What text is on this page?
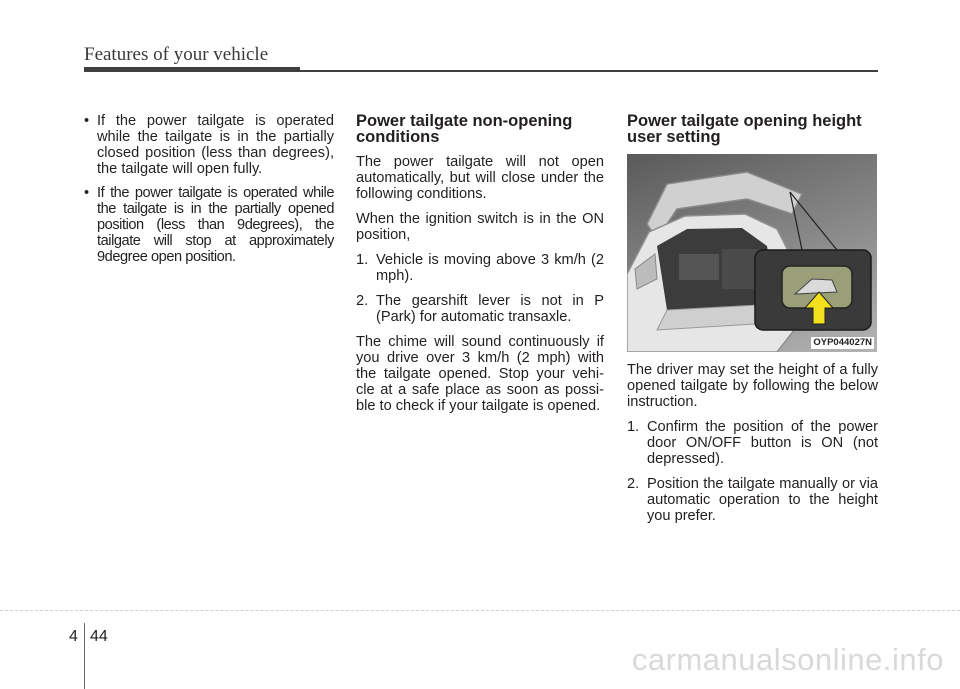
Features of your vehicle
• If the power tailgate is operated while the tailgate is in the partially closed position (less than degrees), the tailgate will open fully.
• If the power tailgate is operated while the tailgate is in the partially opened position (less than 9degrees), the tailgate will stop at approximately 9degree open position.
Power tailgate non-opening conditions

The power tailgate will not open automatically, but will close under the following conditions.

When the ignition switch is in the ON position,

1. Vehicle is moving above 3 km/h (2 mph).

2. The gearshift lever is not in P (Park) for automatic transaxle.

The chime will sound continuously if you drive over 3 km/h (2 mph) with the tailgate opened. Stop your vehi-cle at a safe place as soon as possi-ble to check if your tailgate is opened.

Power tailgate opening height user setting
OYP044027N

The driver may set the height of a fully opened tailgate by following the below instruction.

1. Confirm the position of the power door ON/OFF button is ON (not depressed).

2. Position the tailgate manually or via automatic operation to the height you prefer.

4 44
carmanualsonline.info
